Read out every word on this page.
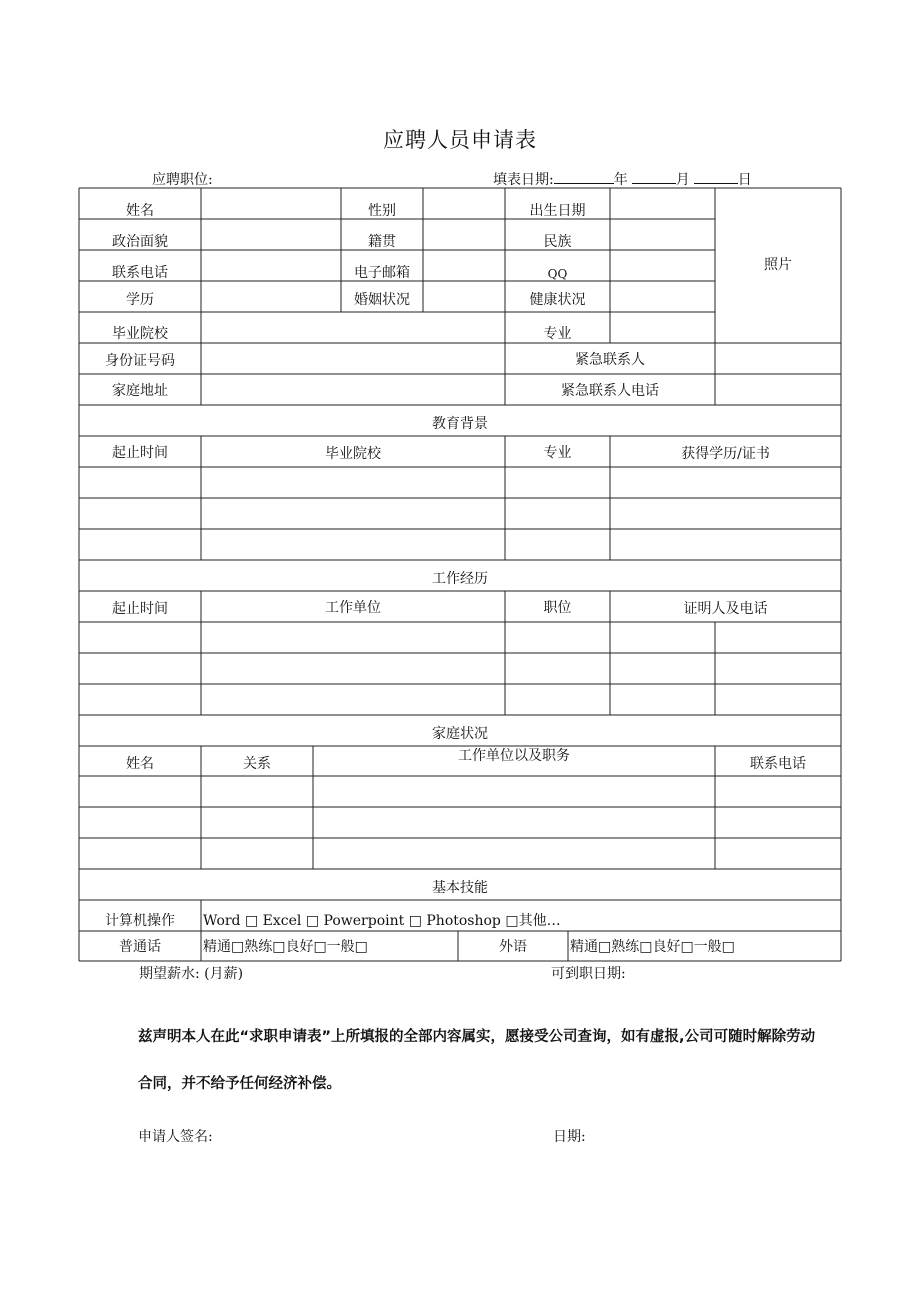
应聘人员申请表
应聘职位:	填表日期:	年	月	日
姓名	性别	出生日期
政治面貌	籍贯	民族
联系电话	电子邮箱	QQ
学历	婚姻状况	健康状况
毕业院校	专业
照片
身份证号码	紧急联系人
家庭地址	紧急联系人电话
教育背景
起止时间	毕业院校	专业	获得学历/证书
工作经历
起止时间	工作单位	职位	证明人及电话
家庭状况
姓名	关系	工作单位以及职务	联系电话
基本技能
计算机操作	Word □ Excel □ Powerpoint □ Photoshop □其他…
普通话	精通□熟练□良好□一般□	外语	精通□熟练□良好□一般□
期望薪水: (月薪)	可到职日期:
兹声明本人在此“求职申请表”上所填报的全部内容属实，愿接受公司查询，如有虚报,公司可随时解除劳动
合同，并不给予任何经济补偿。
申请人签名:	日期:
